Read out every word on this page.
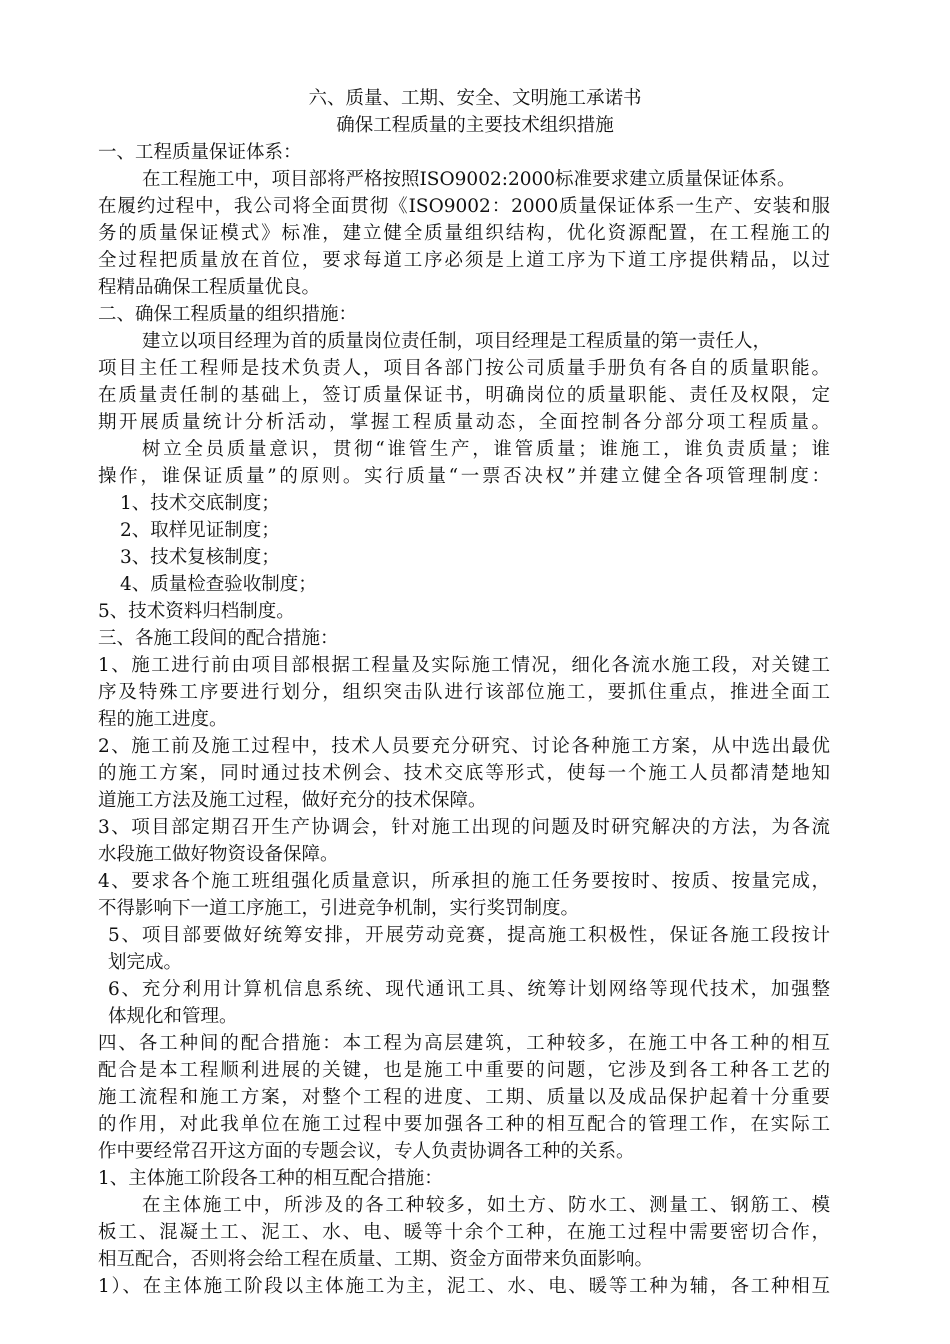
六、质量、工期、安全、文明施工承诺书
确保工程质量的主要技术组织措施
一、工程质量保证体系：
在工程施工中，项目部将严格按照ISO9002:2000标准要求建立质量保证体系。
在履约过程中，我公司将全面贯彻《ISO9002：2000质量保证体系一生产、安装和服
务的质量保证模式》标准，建立健全质量组织结构，优化资源配置，在工程施工的
全过程把质量放在首位，要求每道工序必须是上道工序为下道工序提供精品，以过
程精品确保工程质量优良。
二、确保工程质量的组织措施：
建立以项目经理为首的质量岗位责任制，项目经理是工程质量的第一责任人，
项目主任工程师是技术负责人，项目各部门按公司质量手册负有各自的质量职能。
在质量责任制的基础上，签订质量保证书，明确岗位的质量职能、责任及权限，定
期开展质量统计分析活动，掌握工程质量动态，全面控制各分部分项工程质量。
树立全员质量意识，贯彻“谁管生产，谁管质量；谁施工，谁负责质量；谁
操作，谁保证质量”的原则。实行质量“一票否决权”并建立健全各项管理制度：
1、技术交底制度；
2、取样见证制度；
3、技术复核制度；
4、质量检查验收制度；
5、技术资料归档制度。
三、各施工段间的配合措施：
1、施工进行前由项目部根据工程量及实际施工情况，细化各流水施工段，对关键工
序及特殊工序要进行划分，组织突击队进行该部位施工，要抓住重点，推进全面工
程的施工进度。
2、施工前及施工过程中，技术人员要充分研究、讨论各种施工方案，从中选出最优
的施工方案，同时通过技术例会、技术交底等形式，使每一个施工人员都清楚地知
道施工方法及施工过程，做好充分的技术保障。
3、项目部定期召开生产协调会，针对施工出现的问题及时研究解决的方法，为各流
水段施工做好物资设备保障。
4、要求各个施工班组强化质量意识，所承担的施工任务要按时、按质、按量完成，
不得影响下一道工序施工，引进竞争机制，实行奖罚制度。
5、项目部要做好统筹安排，开展劳动竞赛，提高施工积极性，保证各施工段按计
划完成。
6、充分利用计算机信息系统、现代通讯工具、统筹计划网络等现代技术，加强整
体规化和管理。
四、各工种间的配合措施：本工程为高层建筑，工种较多，在施工中各工种的相互
配合是本工程顺利进展的关键，也是施工中重要的问题，它涉及到各工种各工艺的
施工流程和施工方案，对整个工程的进度、工期、质量以及成品保护起着十分重要
的作用，对此我单位在施工过程中要加强各工种的相互配合的管理工作，在实际工
作中要经常召开这方面的专题会议，专人负责协调各工种的关系。
1、主体施工阶段各工种的相互配合措施：
在主体施工中，所涉及的各工种较多，如土方、防水工、测量工、钢筋工、模
板工、混凝土工、泥工、水、电、暖等十余个工种，在施工过程中需要密切合作，
相互配合，否则将会给工程在质量、工期、资金方面带来负面影响。
1）、在主体施工阶段以主体施工为主，泥工、水、电、暖等工种为辅，各工种相互
